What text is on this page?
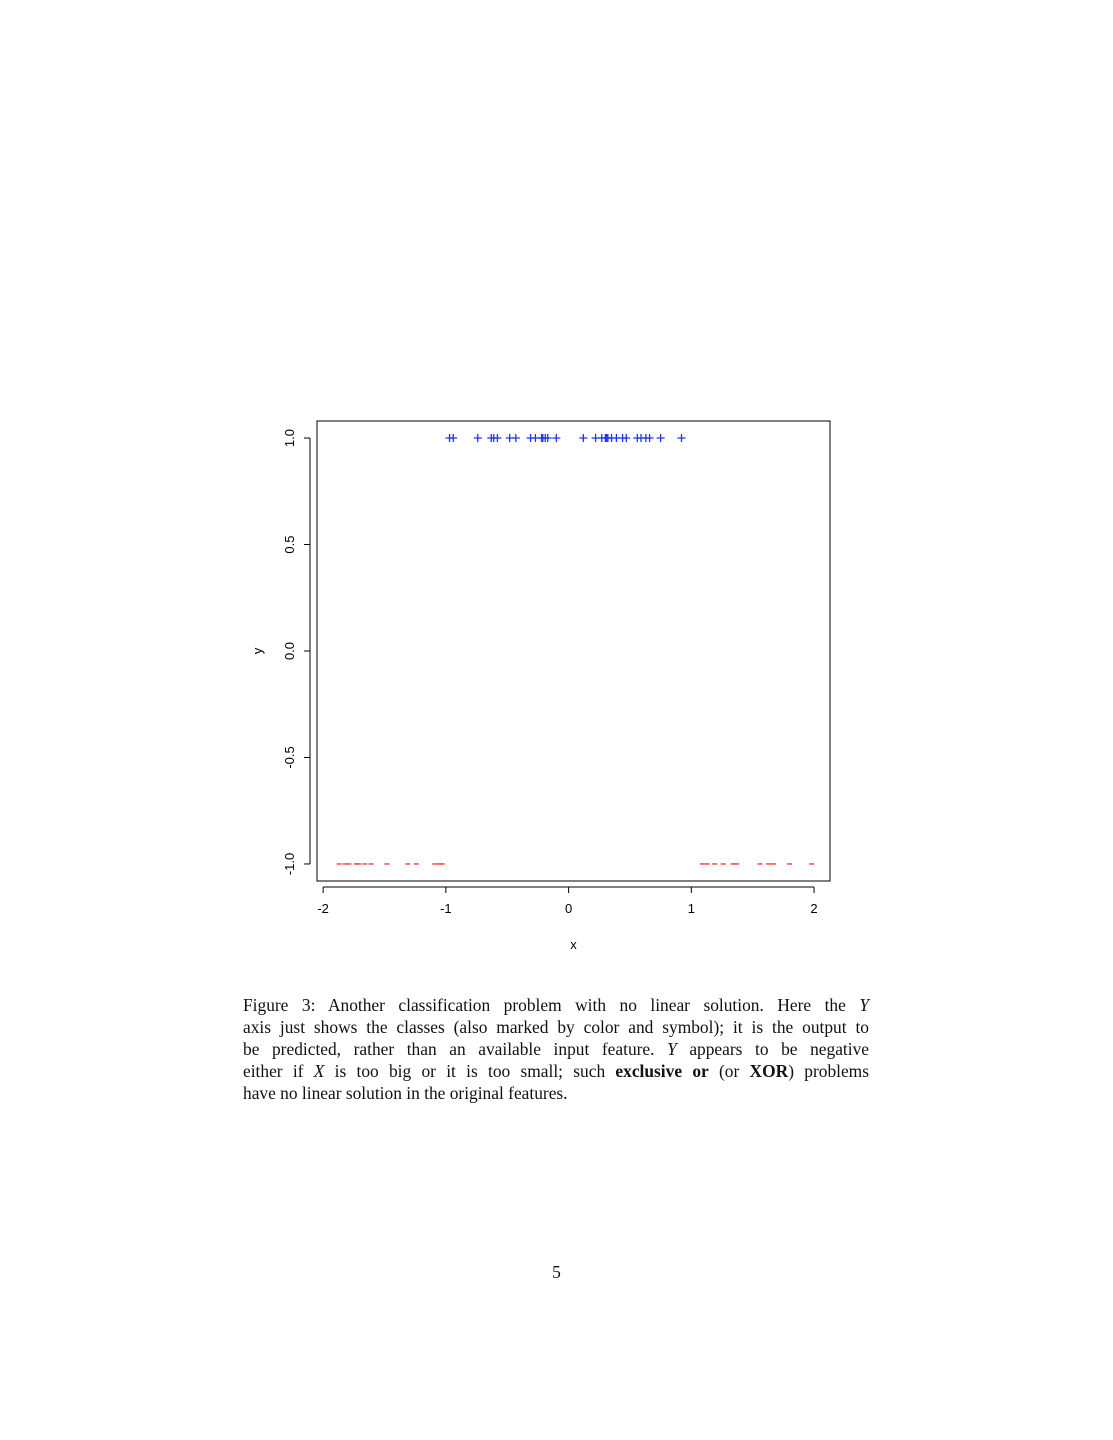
-2	-1	0	1	2
-1.0
-0.5
0.0
0.5
1.0
x
y
Figure 3: Another classification problem with no linear solution. Here the Y
axis just shows the classes (also marked by color and symbol); it is the output to
be predicted, rather than an available input feature. Y appears to be negative
either if X is too big or it is too small; such exclusive or (or XOR) problems
have no linear solution in the original features.
5
